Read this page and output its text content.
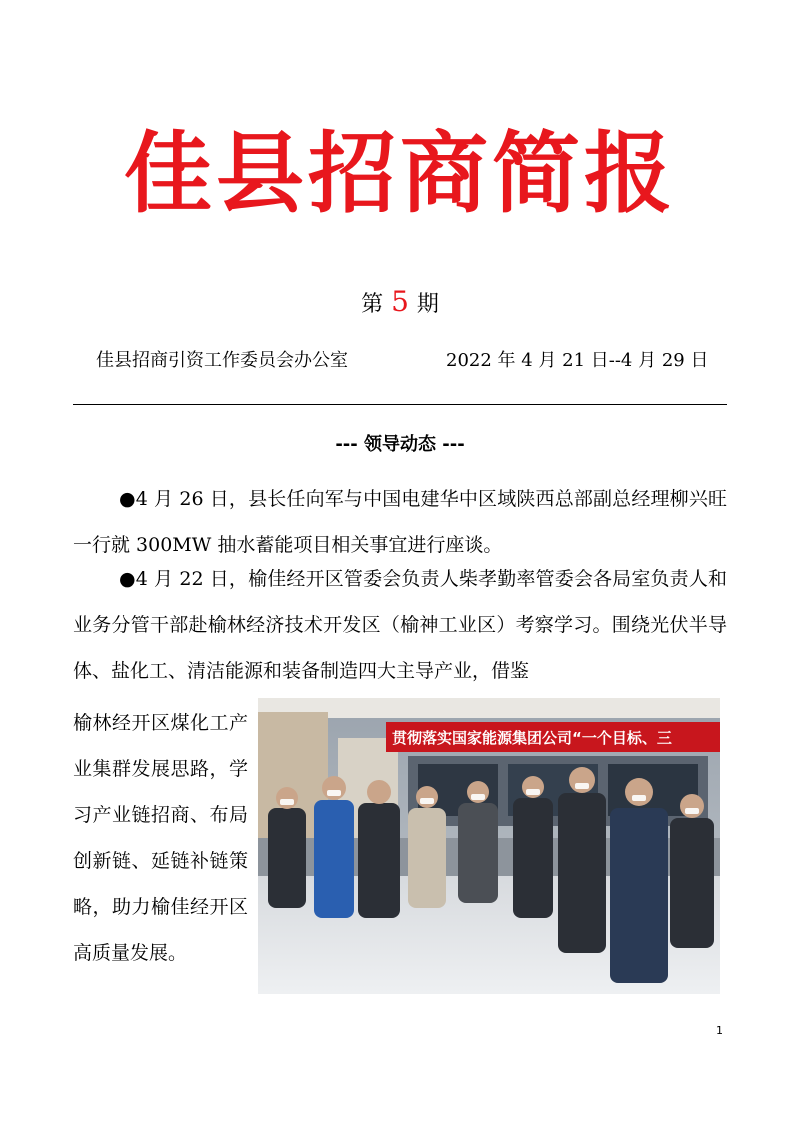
佳县招商简报
第 5 期
佳县招商引资工作委员会办公室	2022 年 4 月 21 日--4 月 29 日
--- 领导动态 ---
●4 月 26 日，县长任向军与中国电建华中区域陕西总部副总经理柳兴旺一行就 300MW 抽水蓄能项目相关事宜进行座谈。
●4 月 22 日，榆佳经开区管委会负责人柴孝勤率管委会各局室负责人和业务分管干部赴榆林经济技术开发区（榆神工业区）考察学习。围绕光伏半导体、盐化工、清洁能源和装备制造四大主导产业，借鉴
榆林经开区煤化工产业集群发展思路，学习产业链招商、布局创新链、延链补链策略，助力榆佳经开区高质量发展。
贯彻落实国家能源集团公司“一个目标、三
1
